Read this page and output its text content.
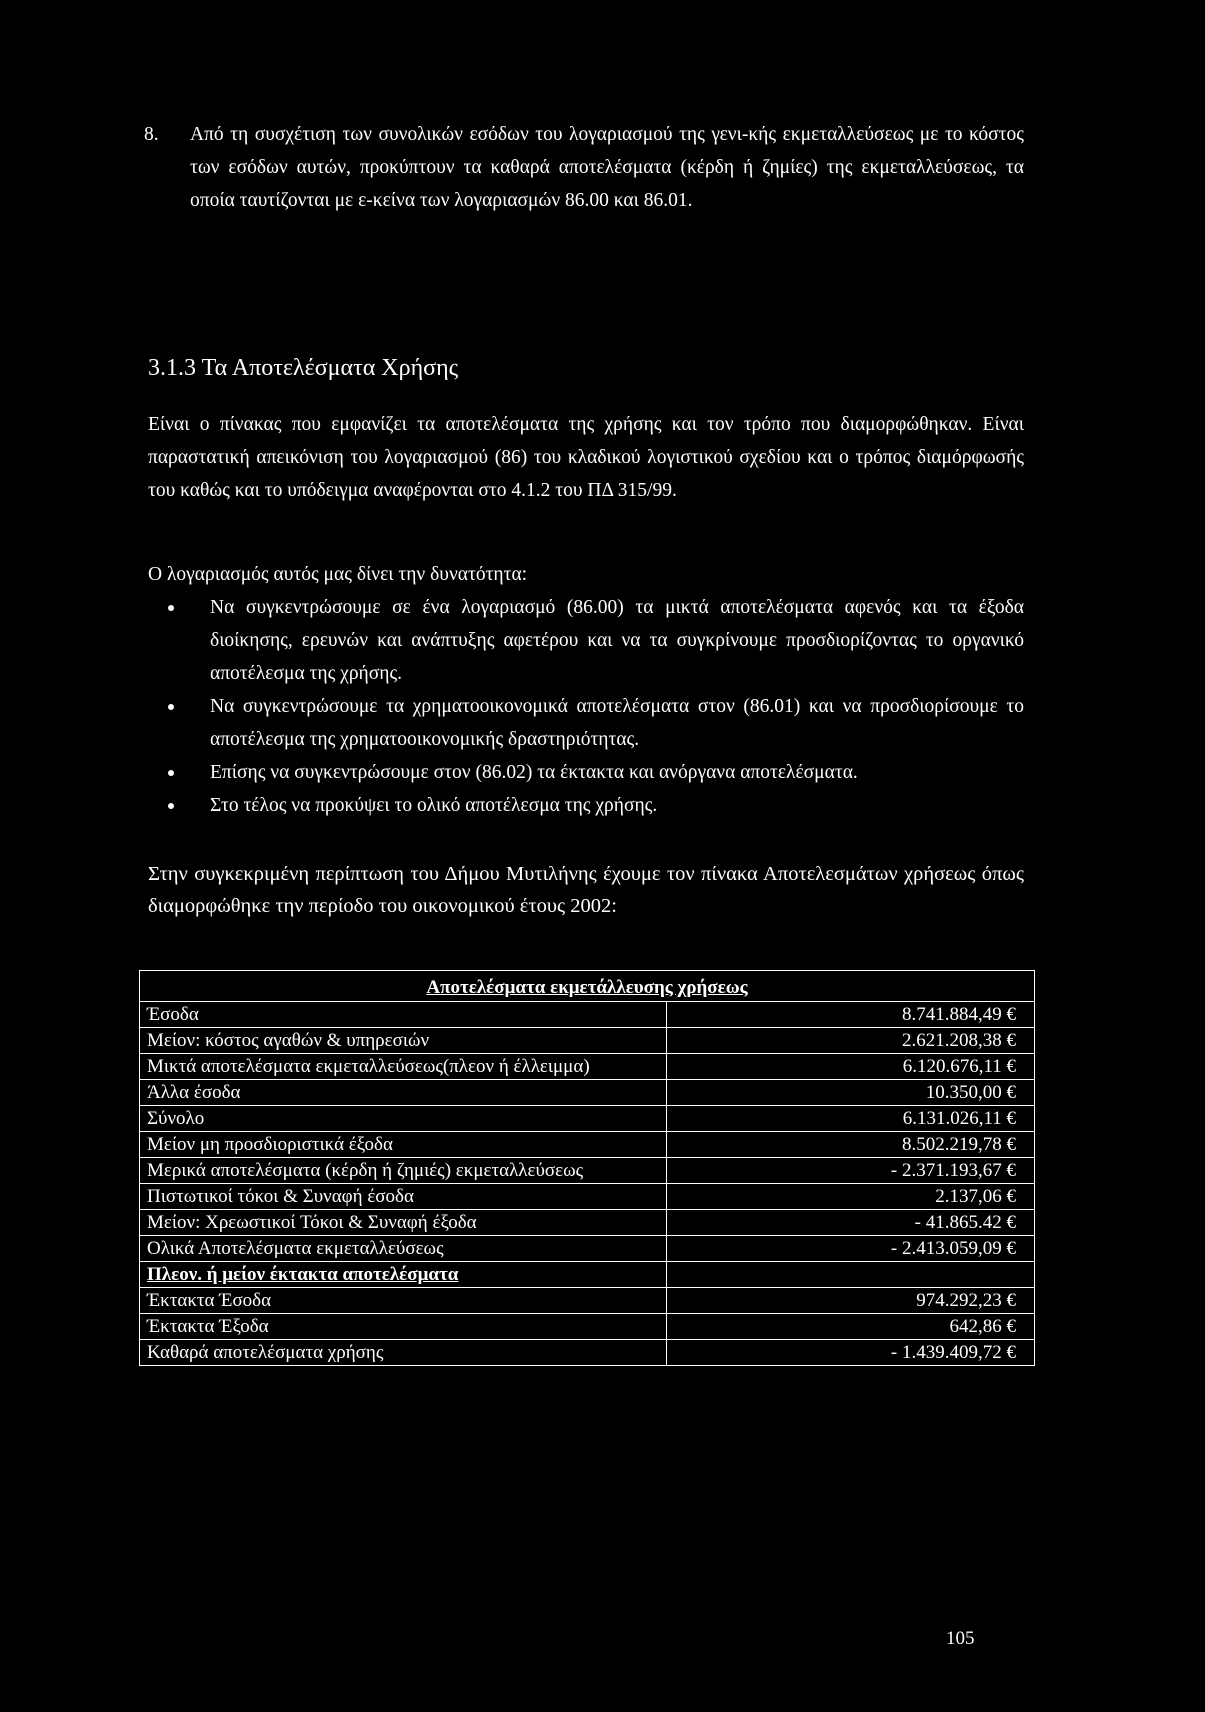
8. Από τη συσχέτιση των συνολικών εσόδων του λογαριασμού της γενι-κής εκμεταλλεύσεως με το κόστος των εσόδων αυτών, προκύπτουν τα καθαρά αποτελέσματα (κέρδη ή ζημίες) της εκμεταλλεύσεως, τα οποία ταυτίζονται με ε-κείνα των λογαριασμών 86.00 και 86.01.

3.1.3 Τα Αποτελέσματα Χρήσης

Είναι ο πίνακας που εμφανίζει τα αποτελέσματα της χρήσης και τον τρόπο που διαμορφώθηκαν. Είναι παραστατική απεικόνιση του λογαριασμού (86) του κλαδικού λογιστικού σχεδίου και ο τρόπος διαμόρφωσής του καθώς και το υπόδειγμα αναφέρονται στο 4.1.2 του ΠΔ 315/99.

Ο λογαριασμός αυτός μας δίνει την δυνατότητα:

Να συγκεντρώσουμε σε ένα λογαριασμό (86.00) τα μικτά αποτελέσματα αφενός και τα έξοδα διοίκησης, ερευνών και ανάπτυξης αφετέρου και να τα συγκρίνουμε προσδιορίζοντας το οργανικό αποτέλεσμα της χρήσης.
Να συγκεντρώσουμε τα χρηματοοικονομικά αποτελέσματα στον (86.01) και να προσδιορίσουμε το αποτέλεσμα της χρηματοοικονομικής δραστηριότητας.
Επίσης να συγκεντρώσουμε στον (86.02) τα έκτακτα και ανόργανα αποτελέσματα.
Στο τέλος να προκύψει το ολικό αποτέλεσμα της χρήσης.

Στην συγκεκριμένη περίπτωση του Δήμου Μυτιλήνης έχουμε τον πίνακα Αποτελεσμάτων χρήσεως όπως διαμορφώθηκε την περίοδο του οικονομικού έτους 2002:

Αποτελέσματα εκμετάλλευσης χρήσεως	
Έσοδα	8.741.884,49 €
Μείον: κόστος αγαθών & υπηρεσιών	2.621.208,38 €
Μικτά αποτελέσματα εκμεταλλεύσεως(πλεον ή έλλειμμα)	6.120.676,11 €
Άλλα έσοδα	10.350,00 €
Σύνολο	6.131.026,11 €
Μείον μη προσδιοριστικά έξοδα	8.502.219,78 €
Μερικά αποτελέσματα (κέρδη ή ζημιές) εκμεταλλεύσεως	- 2.371.193,67 €
Πιστωτικοί τόκοι & Συναφή έσοδα	2.137,06 €
Μείον: Χρεωστικοί Τόκοι & Συναφή έξοδα	- 41.865.42 €
Ολικά Αποτελέσματα εκμεταλλεύσεως	- 2.413.059,09 €
Πλεον. ή μείον έκτακτα αποτελέσματα	
Έκτακτα Έσοδα	974.292,23 €
Έκτακτα Έξοδα	642,86 €
Καθαρά αποτελέσματα χρήσης	- 1.439.409,72 €
105
